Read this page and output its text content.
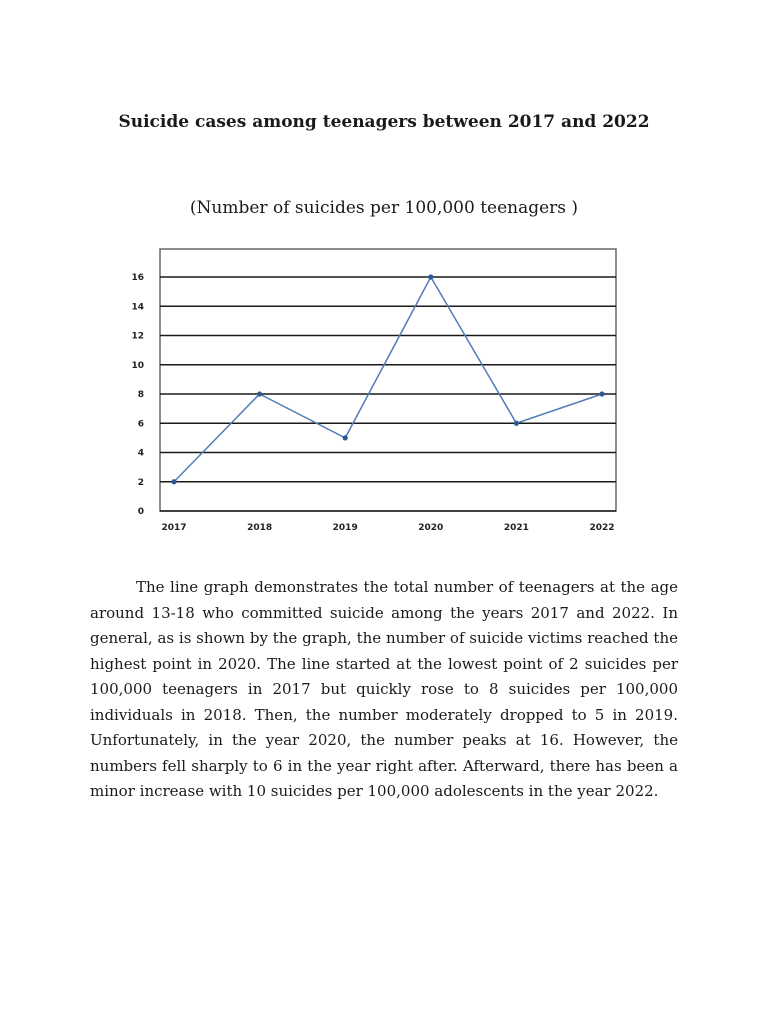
Suicide cases among teenagers between 2017 and 2022

(Number of suicides per 100,000 teenagers )

0
2
4
6
8
10
12
14
16
2017	2018	2019	2020	2021	2022

The line graph demonstrates the total number of teenagers at the age around 13-18 who committed suicide among the years 2017 and 2022. In general, as is shown by the graph, the number of suicide victims reached the highest point in 2020. The line started at the lowest point of 2 suicides per 100,000 teenagers in 2017 but quickly rose to 8 suicides per 100,000 individuals in 2018. Then, the number moderately dropped to 5 in 2019. Unfortunately, in the year 2020, the number peaks at 16. However, the numbers fell sharply to 6 in the year right after. Afterward, there has been a minor increase with 10 suicides per 100,000 adolescents in the year 2022.
